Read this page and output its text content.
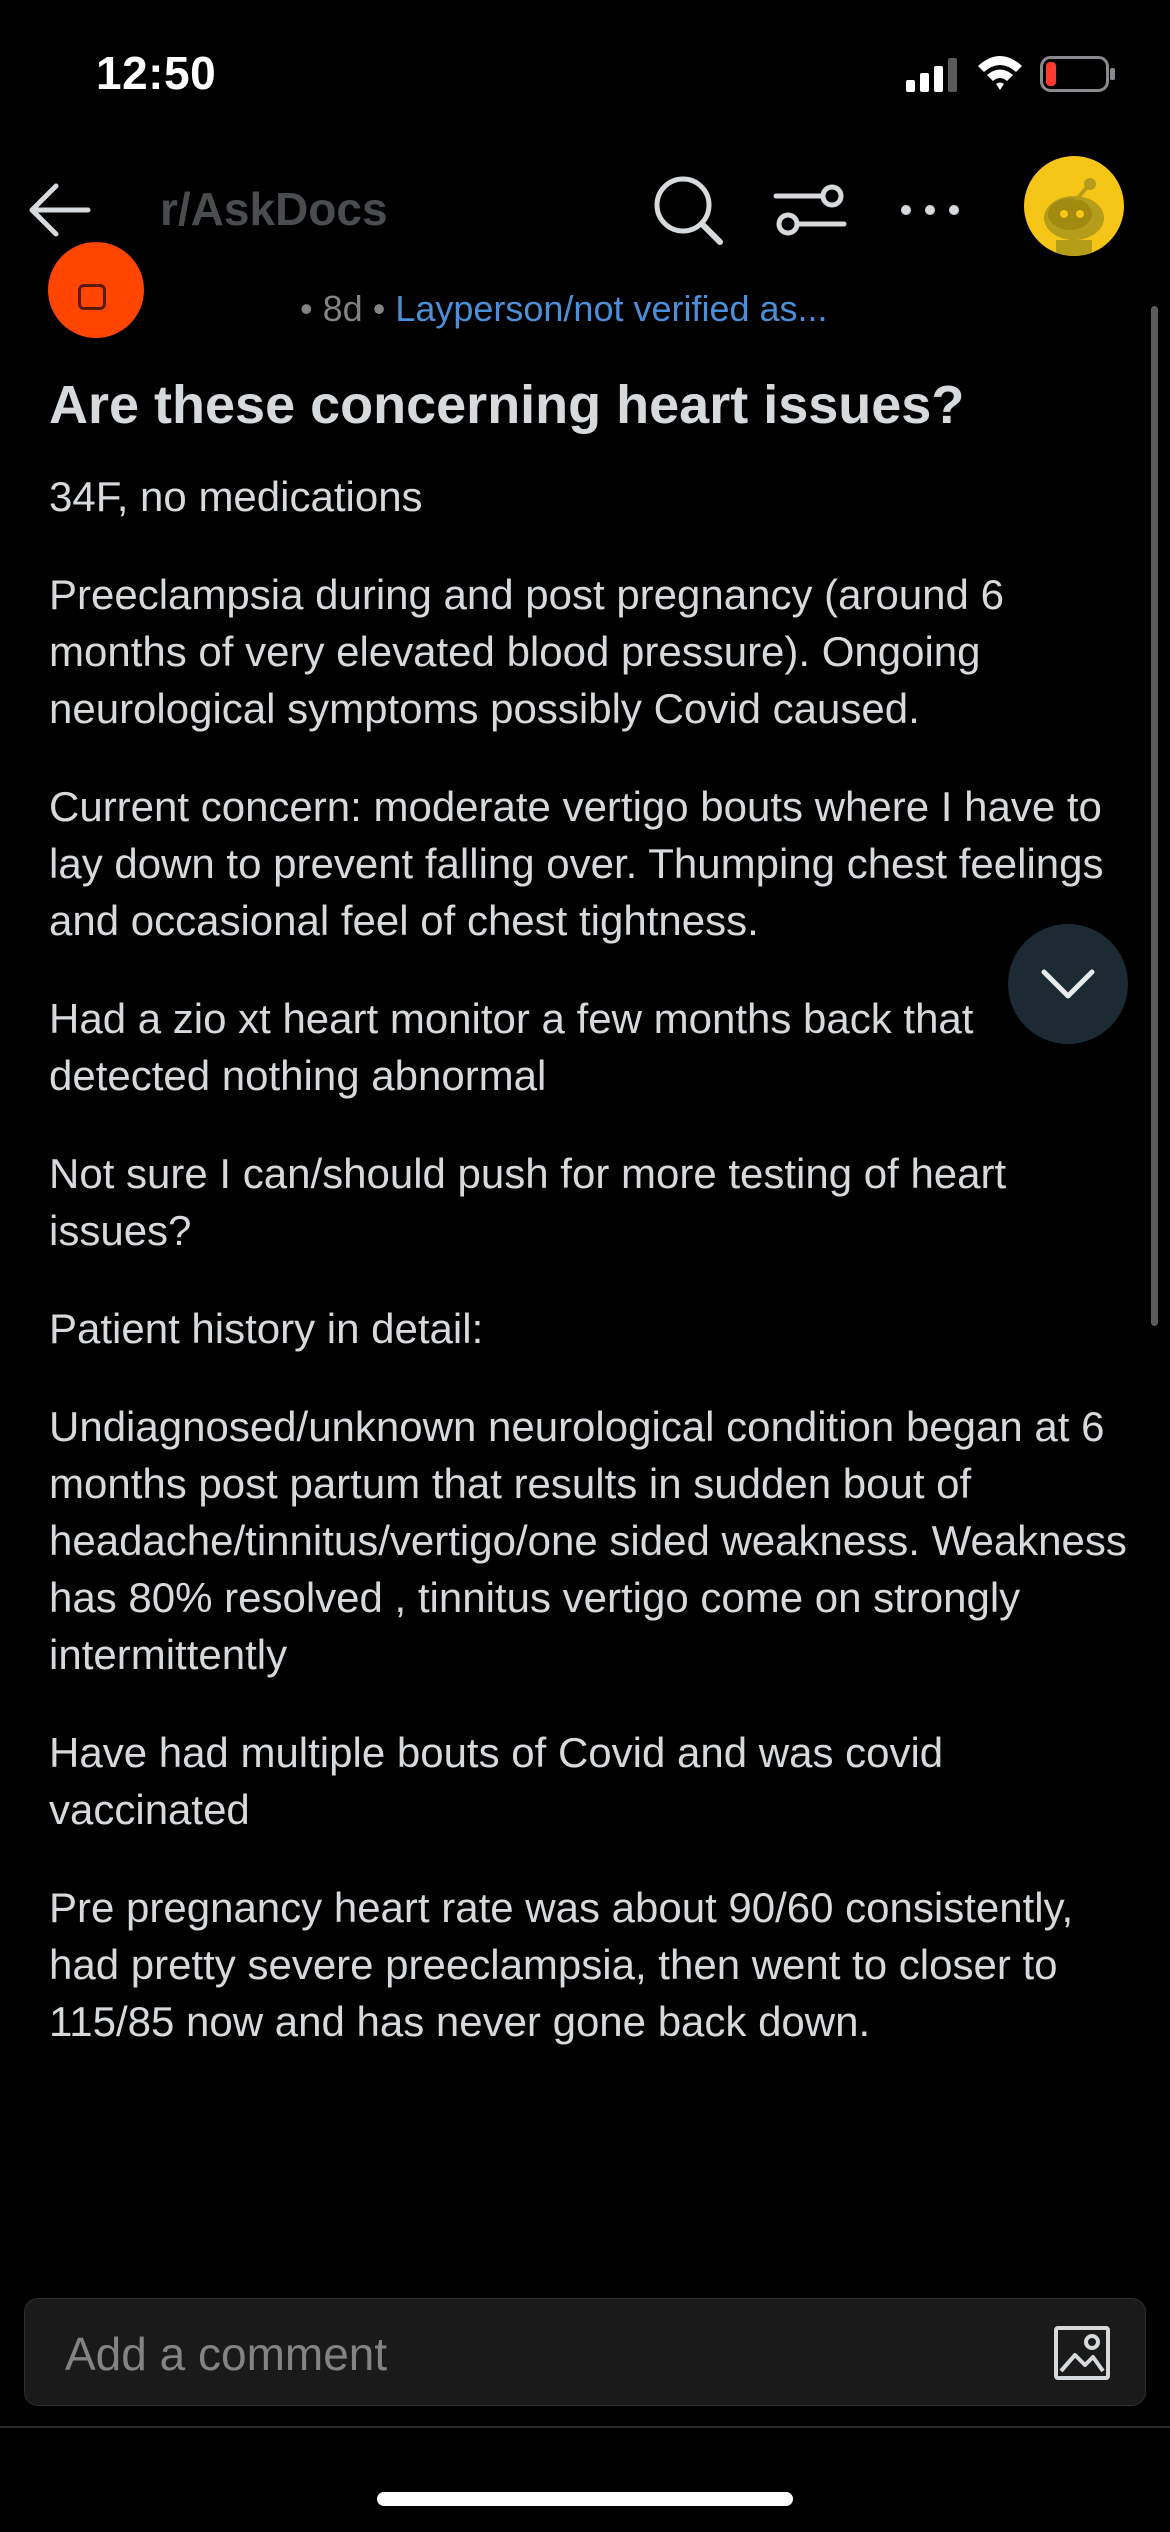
12:50
r/AskDocs
• 8d • Layperson/not verified as...
Are these concerning heart issues?

34F, no medications

Preeclampsia during and post pregnancy (around 6 months of very elevated blood pressure). Ongoing neurological symptoms possibly Covid caused.

Current concern: moderate vertigo bouts where I have to lay down to prevent falling over. Thumping chest feelings and occasional feel of chest tightness.

Had a zio xt heart monitor a few months back that detected nothing abnormal

Not sure I can/should push for more testing of heart issues?

Patient history in detail:

Undiagnosed/unknown neurological condition began at 6 months post partum that results in sudden bout of headache/tinnitus/vertigo/one sided weakness. Weakness has 80% resolved , tinnitus vertigo come on strongly intermittently

Have had multiple bouts of Covid and was covid vaccinated

Pre pregnancy heart rate was about 90/60 consistently, had pretty severe preeclampsia, then went to closer to 115/85 now and has never gone back down.

Add a comment
